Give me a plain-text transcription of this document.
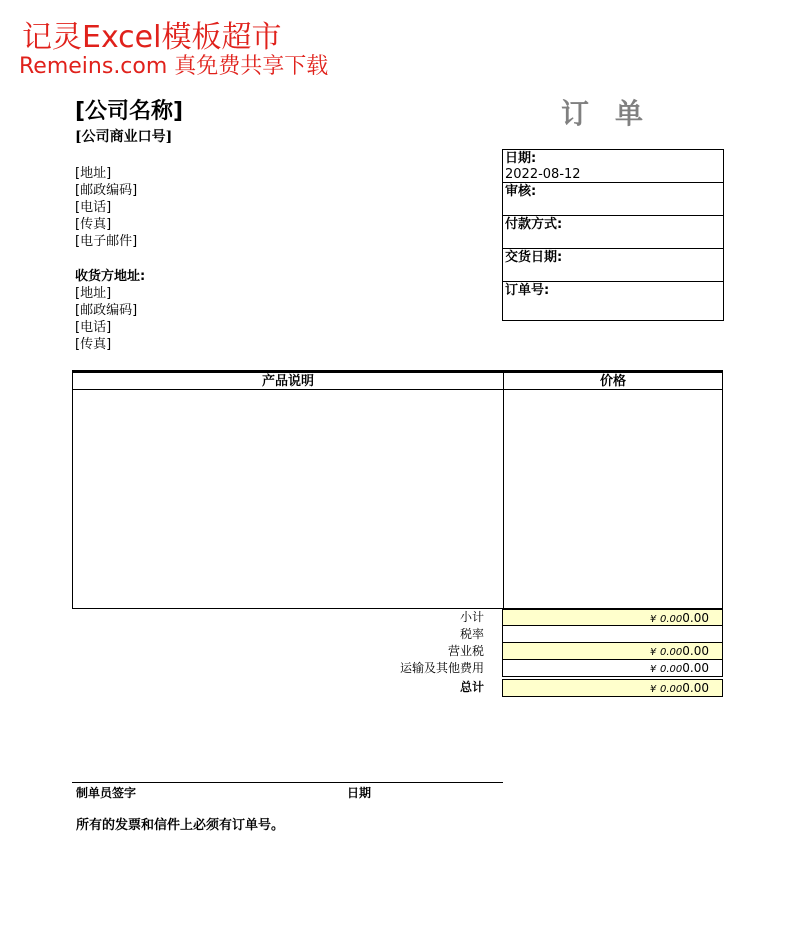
记灵Excel模板超市
Remeins.com 真免费共享下载
[公司名称]
[公司商业口号]
订单
[地址]
[邮政编码]
[电话]
[传真]
[电子邮件]
收货方地址:
[地址]
[邮政编码]
[电话]
[传真]
日期:
2022-08-12
审核:
付款方式:
交货日期:
订单号:
产品说明	价格
小计	¥ 0.000.00
税率
营业税	¥ 0.000.00
运输及其他费用	¥ 0.000.00
总计	¥ 0.000.00
制单员签字	日期
所有的发票和信件上必须有订单号。
